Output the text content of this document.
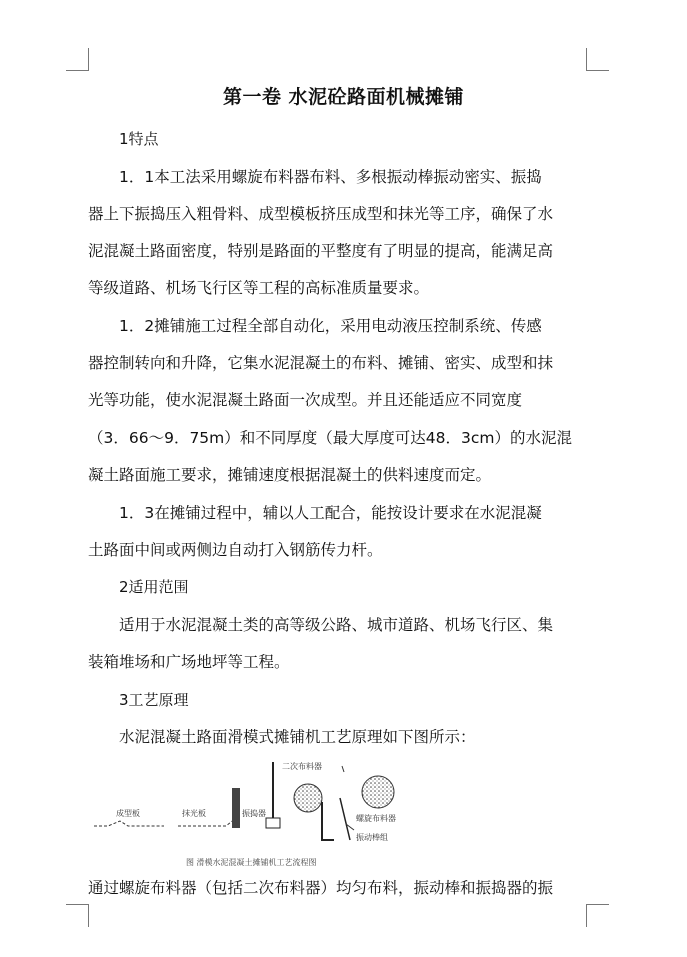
第一卷 水泥砼路面机械摊铺
1特点
1．1本工法采用螺旋布料器布料、多根振动棒振动密实、振捣
器上下振捣压入粗骨料、成型模板挤压成型和抹光等工序，确保了水
泥混凝土路面密度，特别是路面的平整度有了明显的提高，能满足高
等级道路、机场飞行区等工程的高标准质量要求。
1．2摊铺施工过程全部自动化，采用电动液压控制系统、传感
器控制转向和升降，它集水泥混凝土的布料、摊铺、密实、成型和抹
光等功能，使水泥混凝土路面一次成型。并且还能适应不同宽度
（3．66～9．75m）和不同厚度（最大厚度可达48．3cm）的水泥混
凝土路面施工要求，摊铺速度根据混凝土的供料速度而定。
1．3在摊铺过程中，辅以人工配合，能按设计要求在水泥混凝
土路面中间或两侧边自动打入钢筋传力杆。
2适用范围
适用于水泥混凝土类的高等级公路、城市道路、机场飞行区、集
装箱堆场和广场地坪等工程。
3工艺原理
水泥混凝土路面滑模式摊铺机工艺原理如下图所示：
二次布料器
螺旋布料器
成型板	抹光板	振捣器
振动棒组
图 滑模水泥混凝土摊铺机工艺流程图
通过螺旋布料器（包括二次布料器）均匀布料，振动棒和振捣器的振
